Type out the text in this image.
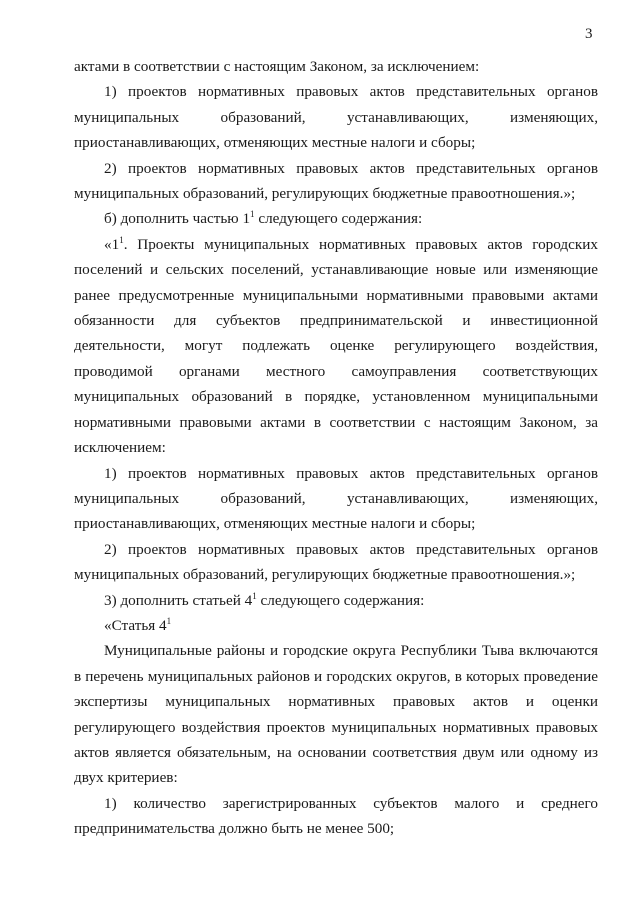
3

актами в соответствии с настоящим Законом, за исключением:

1) проектов нормативных правовых актов представительных органов муниципальных образований, устанавливающих, изменяющих, приостанавливающих, отменяющих местные налоги и сборы;

2) проектов нормативных правовых актов представительных органов муниципальных образований, регулирующих бюджетные правоотношения.»;

б) дополнить частью $1^1$ следующего содержания:

«$1^1$. Проекты муниципальных нормативных правовых актов городских поселений и сельских поселений, устанавливающие новые или изменяющие ранее предусмотренные муниципальными нормативными правовыми актами обязанности для субъектов предпринимательской и инвестиционной деятельности, могут подлежать оценке регулирующего воздействия, проводимой органами местного самоуправления соответствующих муниципальных образований в порядке, установленном муниципальными нормативными правовыми актами в соответствии с настоящим Законом, за исключением:

1) проектов нормативных правовых актов представительных органов муниципальных образований, устанавливающих, изменяющих, приостанавливающих, отменяющих местные налоги и сборы;

2) проектов нормативных правовых актов представительных органов муниципальных образований, регулирующих бюджетные правоотношения.»;

3) дополнить статьей $4^1$ следующего содержания:

«Статья $4^1$

Муниципальные районы и городские округа Республики Тыва включаются в перечень муниципальных районов и городских округов, в которых проведение экспертизы муниципальных нормативных правовых актов и оценки регулирующего воздействия проектов муниципальных нормативных правовых актов является обязательным, на основании соответствия двум или одному из двух критериев:

1) количество зарегистрированных субъектов малого и среднего предпринимательства должно быть не менее 500;
